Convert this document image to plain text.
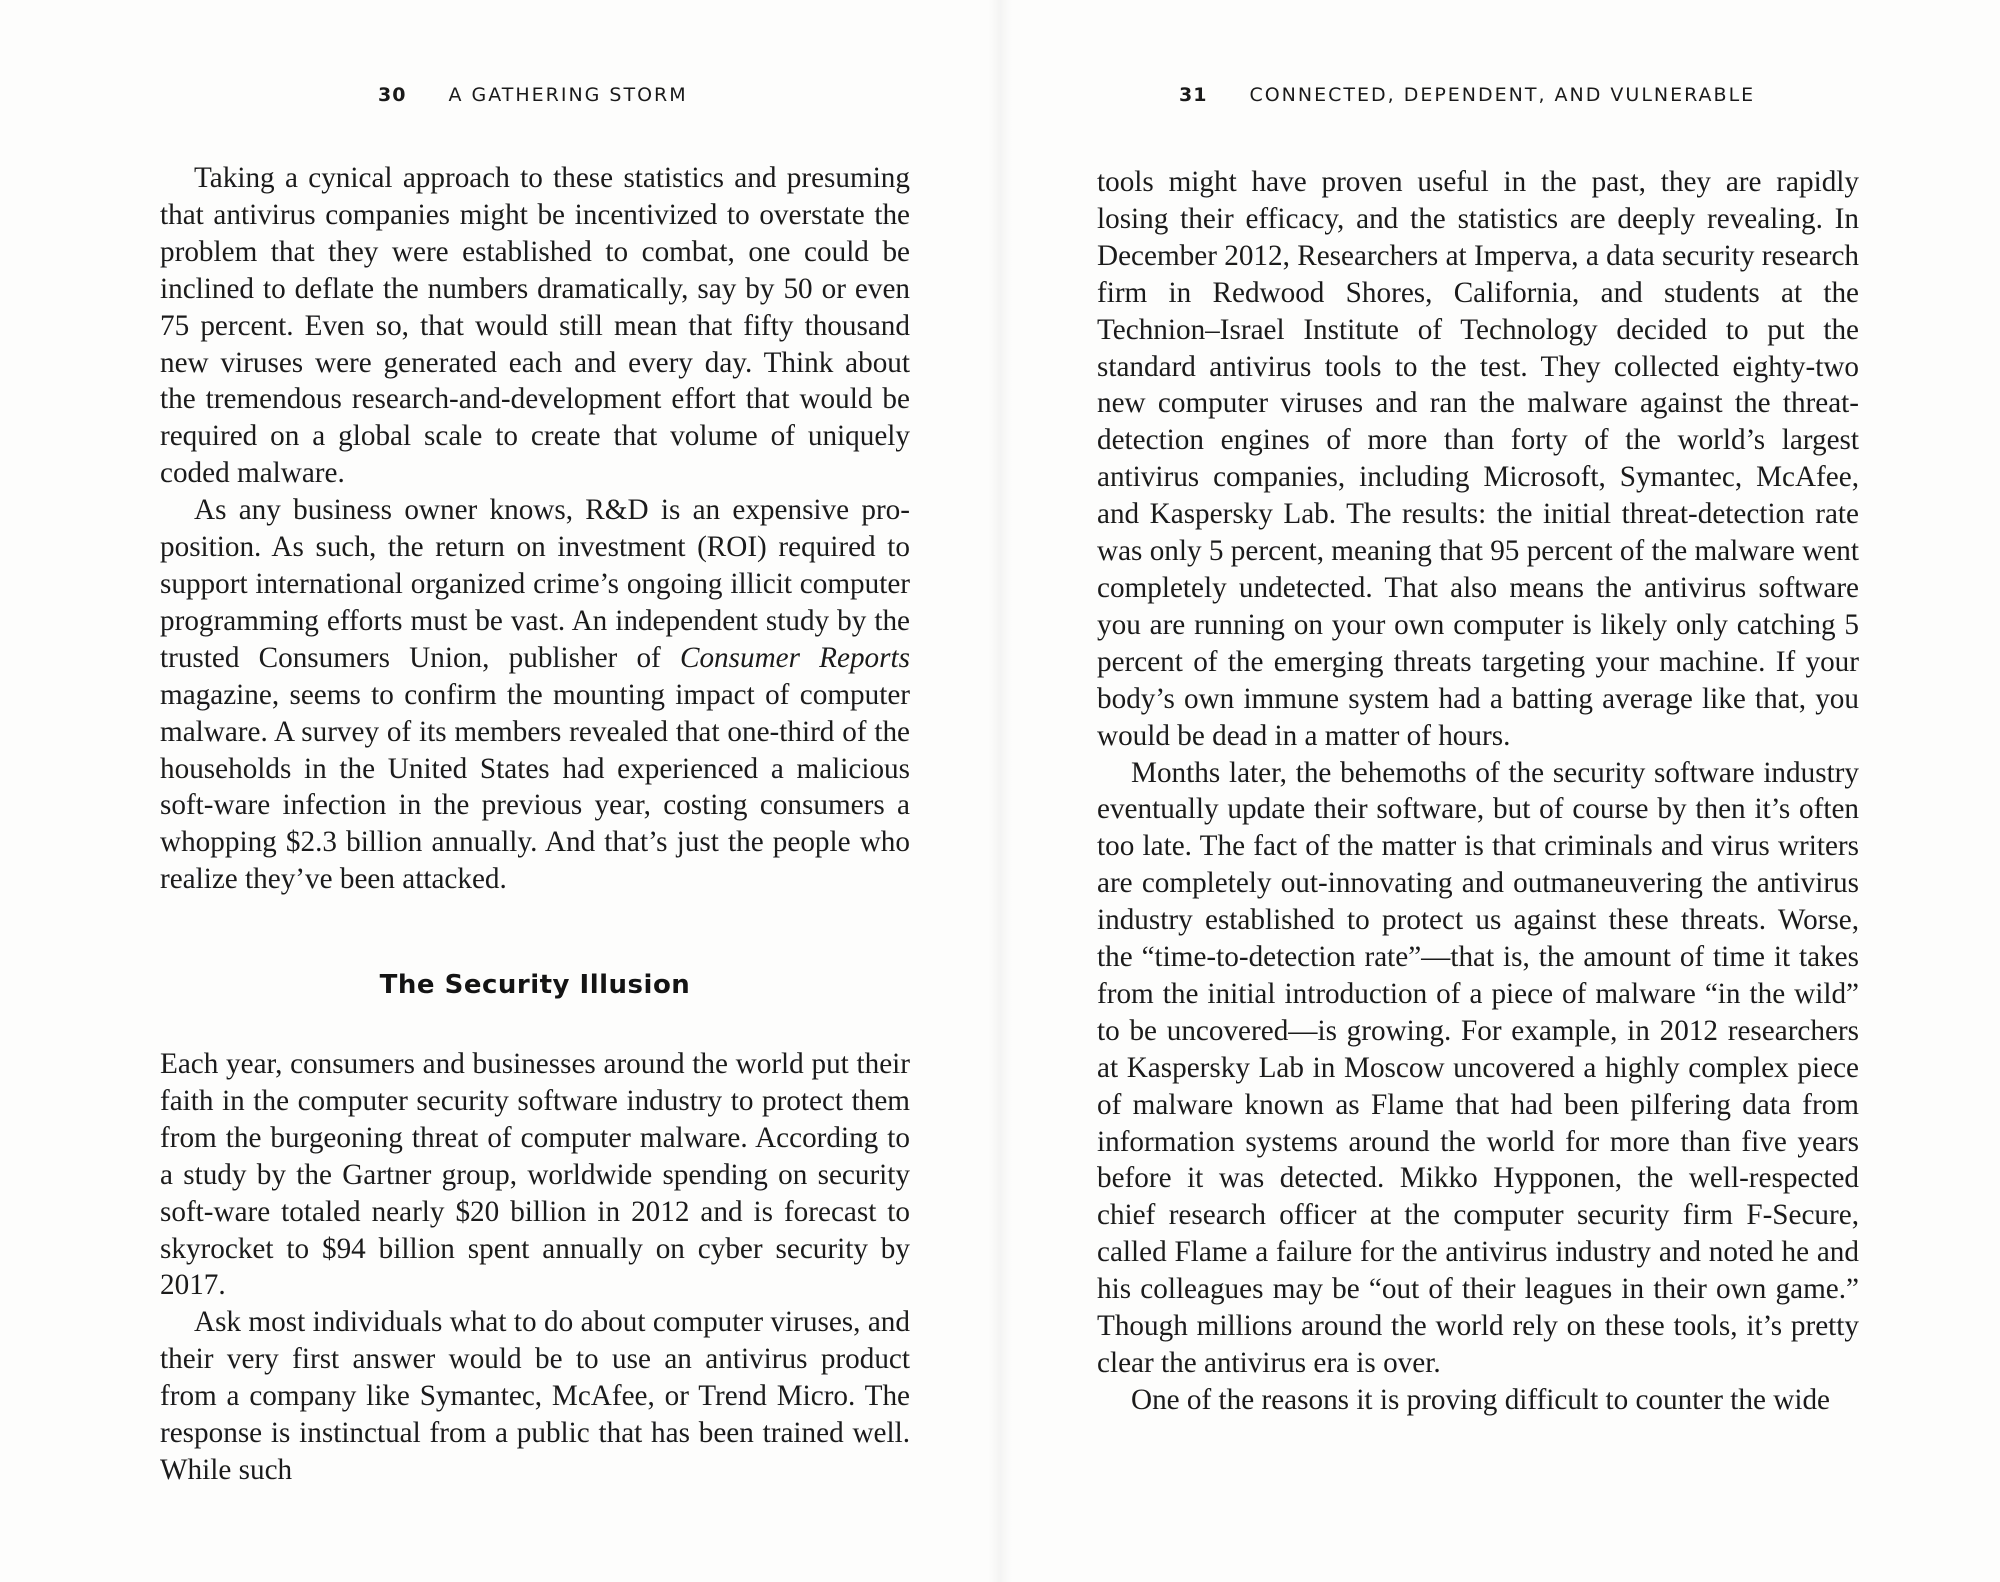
30 A GATHERING STORM

Taking a cynical approach to these statistics and presuming that antivirus companies might be incentivized to overstate the problem that they were established to combat, one could be inclined to deflate the numbers dramatically, say by 50 or even 75 percent. Even so, that would still mean that fifty thousand new viruses were generated each and every day. Think about the tremendous research-and-development effort that would be required on a global scale to create that volume of uniquely coded malware.

As any business owner knows, R&D is an expensive pro-position. As such, the return on investment (ROI) required to support international organized crime’s ongoing illicit computer programming efforts must be vast. An independent study by the trusted Consumers Union, publisher of Consumer Reports magazine, seems to confirm the mounting impact of computer malware. A survey of its members revealed that one-third of the households in the United States had experienced a malicious soft-ware infection in the previous year, costing consumers a whopping $2.3 billion annually. And that’s just the people who realize they’ve been attacked.

The Security Illusion

Each year, consumers and businesses around the world put their faith in the computer security software industry to protect them from the burgeoning threat of computer malware. According to a study by the Gartner group, worldwide spending on security soft-ware totaled nearly $20 billion in 2012 and is forecast to skyrocket to $94 billion spent annually on cyber security by 2017.

Ask most individuals what to do about computer viruses, and their very first answer would be to use an antivirus product from a company like Symantec, McAfee, or Trend Micro. The response is instinctual from a public that has been trained well. While such

31 CONNECTED, DEPENDENT, AND VULNERABLE

tools might have proven useful in the past, they are rapidly losing their efficacy, and the statistics are deeply revealing. In December 2012, Researchers at Imperva, a data security research firm in Redwood Shores, California, and students at the Technion–Israel Institute of Technology decided to put the standard antivirus tools to the test. They collected eighty-two new computer viruses and ran the malware against the threat-detection engines of more than forty of the world’s largest antivirus companies, including Microsoft, Symantec, McAfee, and Kaspersky Lab. The results: the initial threat-detection rate was only 5 percent, meaning that 95 percent of the malware went completely undetected. That also means the antivirus software you are running on your own computer is likely only catching 5 percent of the emerging threats targeting your machine. If your body’s own immune system had a batting average like that, you would be dead in a matter of hours.

Months later, the behemoths of the security software industry eventually update their software, but of course by then it’s often too late. The fact of the matter is that criminals and virus writers are completely out-innovating and outmaneuvering the antivirus industry established to protect us against these threats. Worse, the “time-to-detection rate”—that is, the amount of time it takes from the initial introduction of a piece of malware “in the wild” to be uncovered—is growing. For example, in 2012 researchers at Kaspersky Lab in Moscow uncovered a highly complex piece of malware known as Flame that had been pilfering data from information systems around the world for more than five years before it was detected. Mikko Hypponen, the well-respected chief research officer at the computer security firm F-Secure, called Flame a failure for the antivirus industry and noted he and his colleagues may be “out of their leagues in their own game.” Though millions around the world rely on these tools, it’s pretty clear the antivirus era is over.

One of the reasons it is proving difficult to counter the wide
